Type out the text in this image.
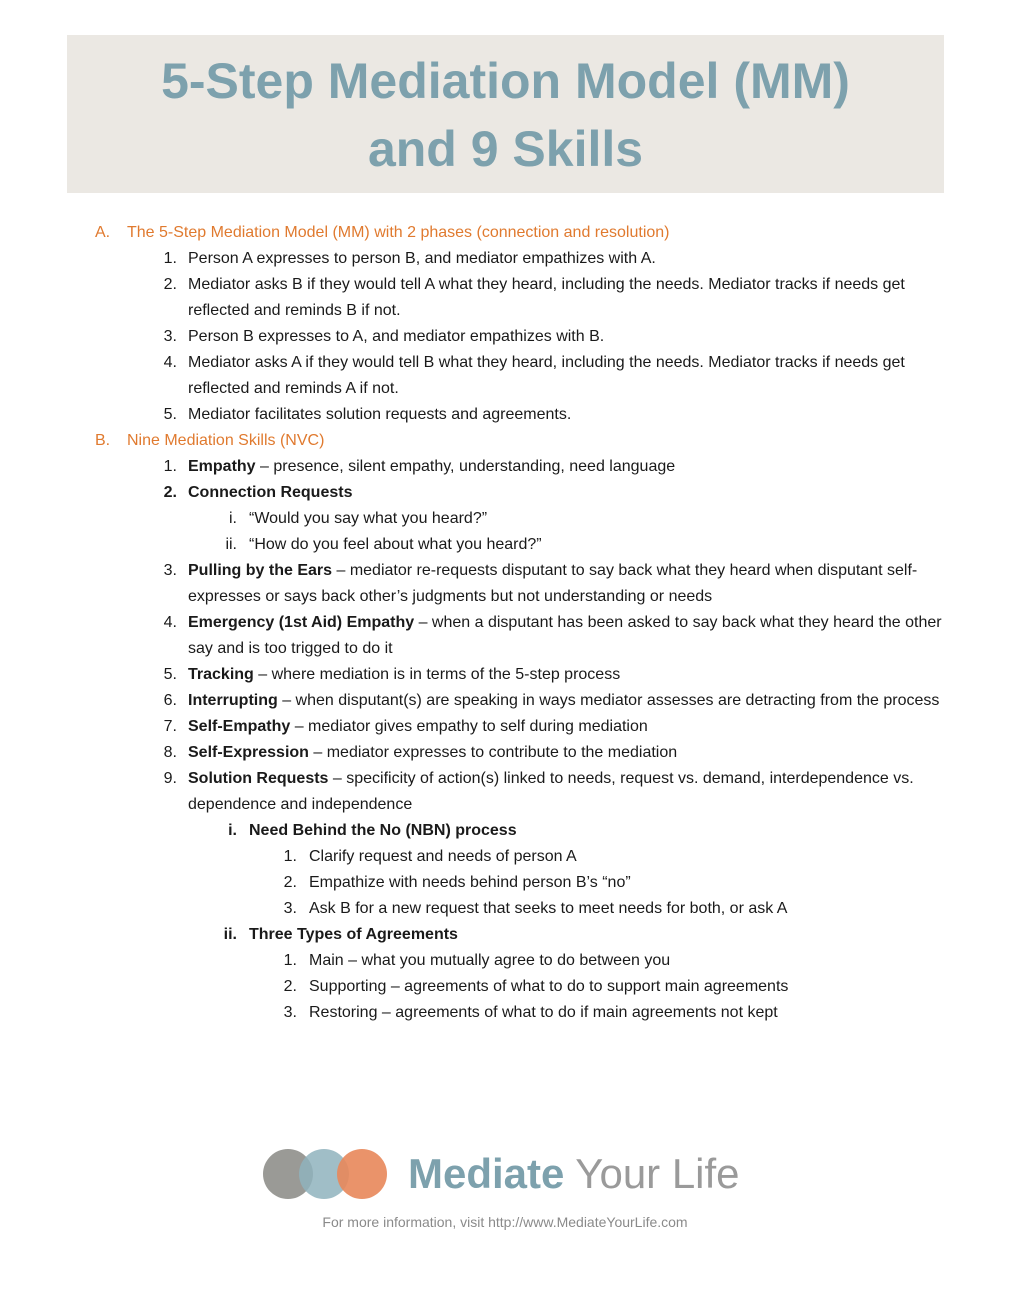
5-Step Mediation Model (MM)
and 9 Skills
A.	The 5-Step Mediation Model (MM) with 2 phases (connection and resolution)
1. Person A expresses to person B, and mediator empathizes with A.
2. Mediator asks B if they would tell A what they heard, including the needs. Mediator tracks if needs get reflected and reminds B if not.
3. Person B expresses to A, and mediator empathizes with B.
4. Mediator asks A if they would tell B what they heard, including the needs. Mediator tracks if needs get reflected and reminds A if not.
5. Mediator facilitates solution requests and agreements.
B.	Nine Mediation Skills (NVC)
1. Empathy – presence, silent empathy, understanding, need language
2. Connection Requests
i. “Would you say what you heard?”
ii. “How do you feel about what you heard?”
3. Pulling by the Ears – mediator re-requests disputant to say back what they heard when disputant self-expresses or says back other’s judgments but not understanding or needs
4. Emergency (1st Aid) Empathy – when a disputant has been asked to say back what they heard the other say and is too trigged to do it
5. Tracking – where mediation is in terms of the 5-step process
6. Interrupting – when disputant(s) are speaking in ways mediator assesses are detracting from the process
7. Self-Empathy – mediator gives empathy to self during mediation
8. Self-Expression – mediator expresses to contribute to the mediation
9. Solution Requests – specificity of action(s) linked to needs, request vs. demand, interdependence vs. dependence and independence
i. Need Behind the No (NBN) process
1. Clarify request and needs of person A
2. Empathize with needs behind person B’s “no”
3. Ask B for a new request that seeks to meet needs for both, or ask A
ii. Three Types of Agreements
1. Main – what you mutually agree to do between you
2. Supporting – agreements of what to do to support main agreements
3. Restoring – agreements of what to do if main agreements not kept
Mediate Your Life
For more information, visit http://www.MediateYourLife.com
